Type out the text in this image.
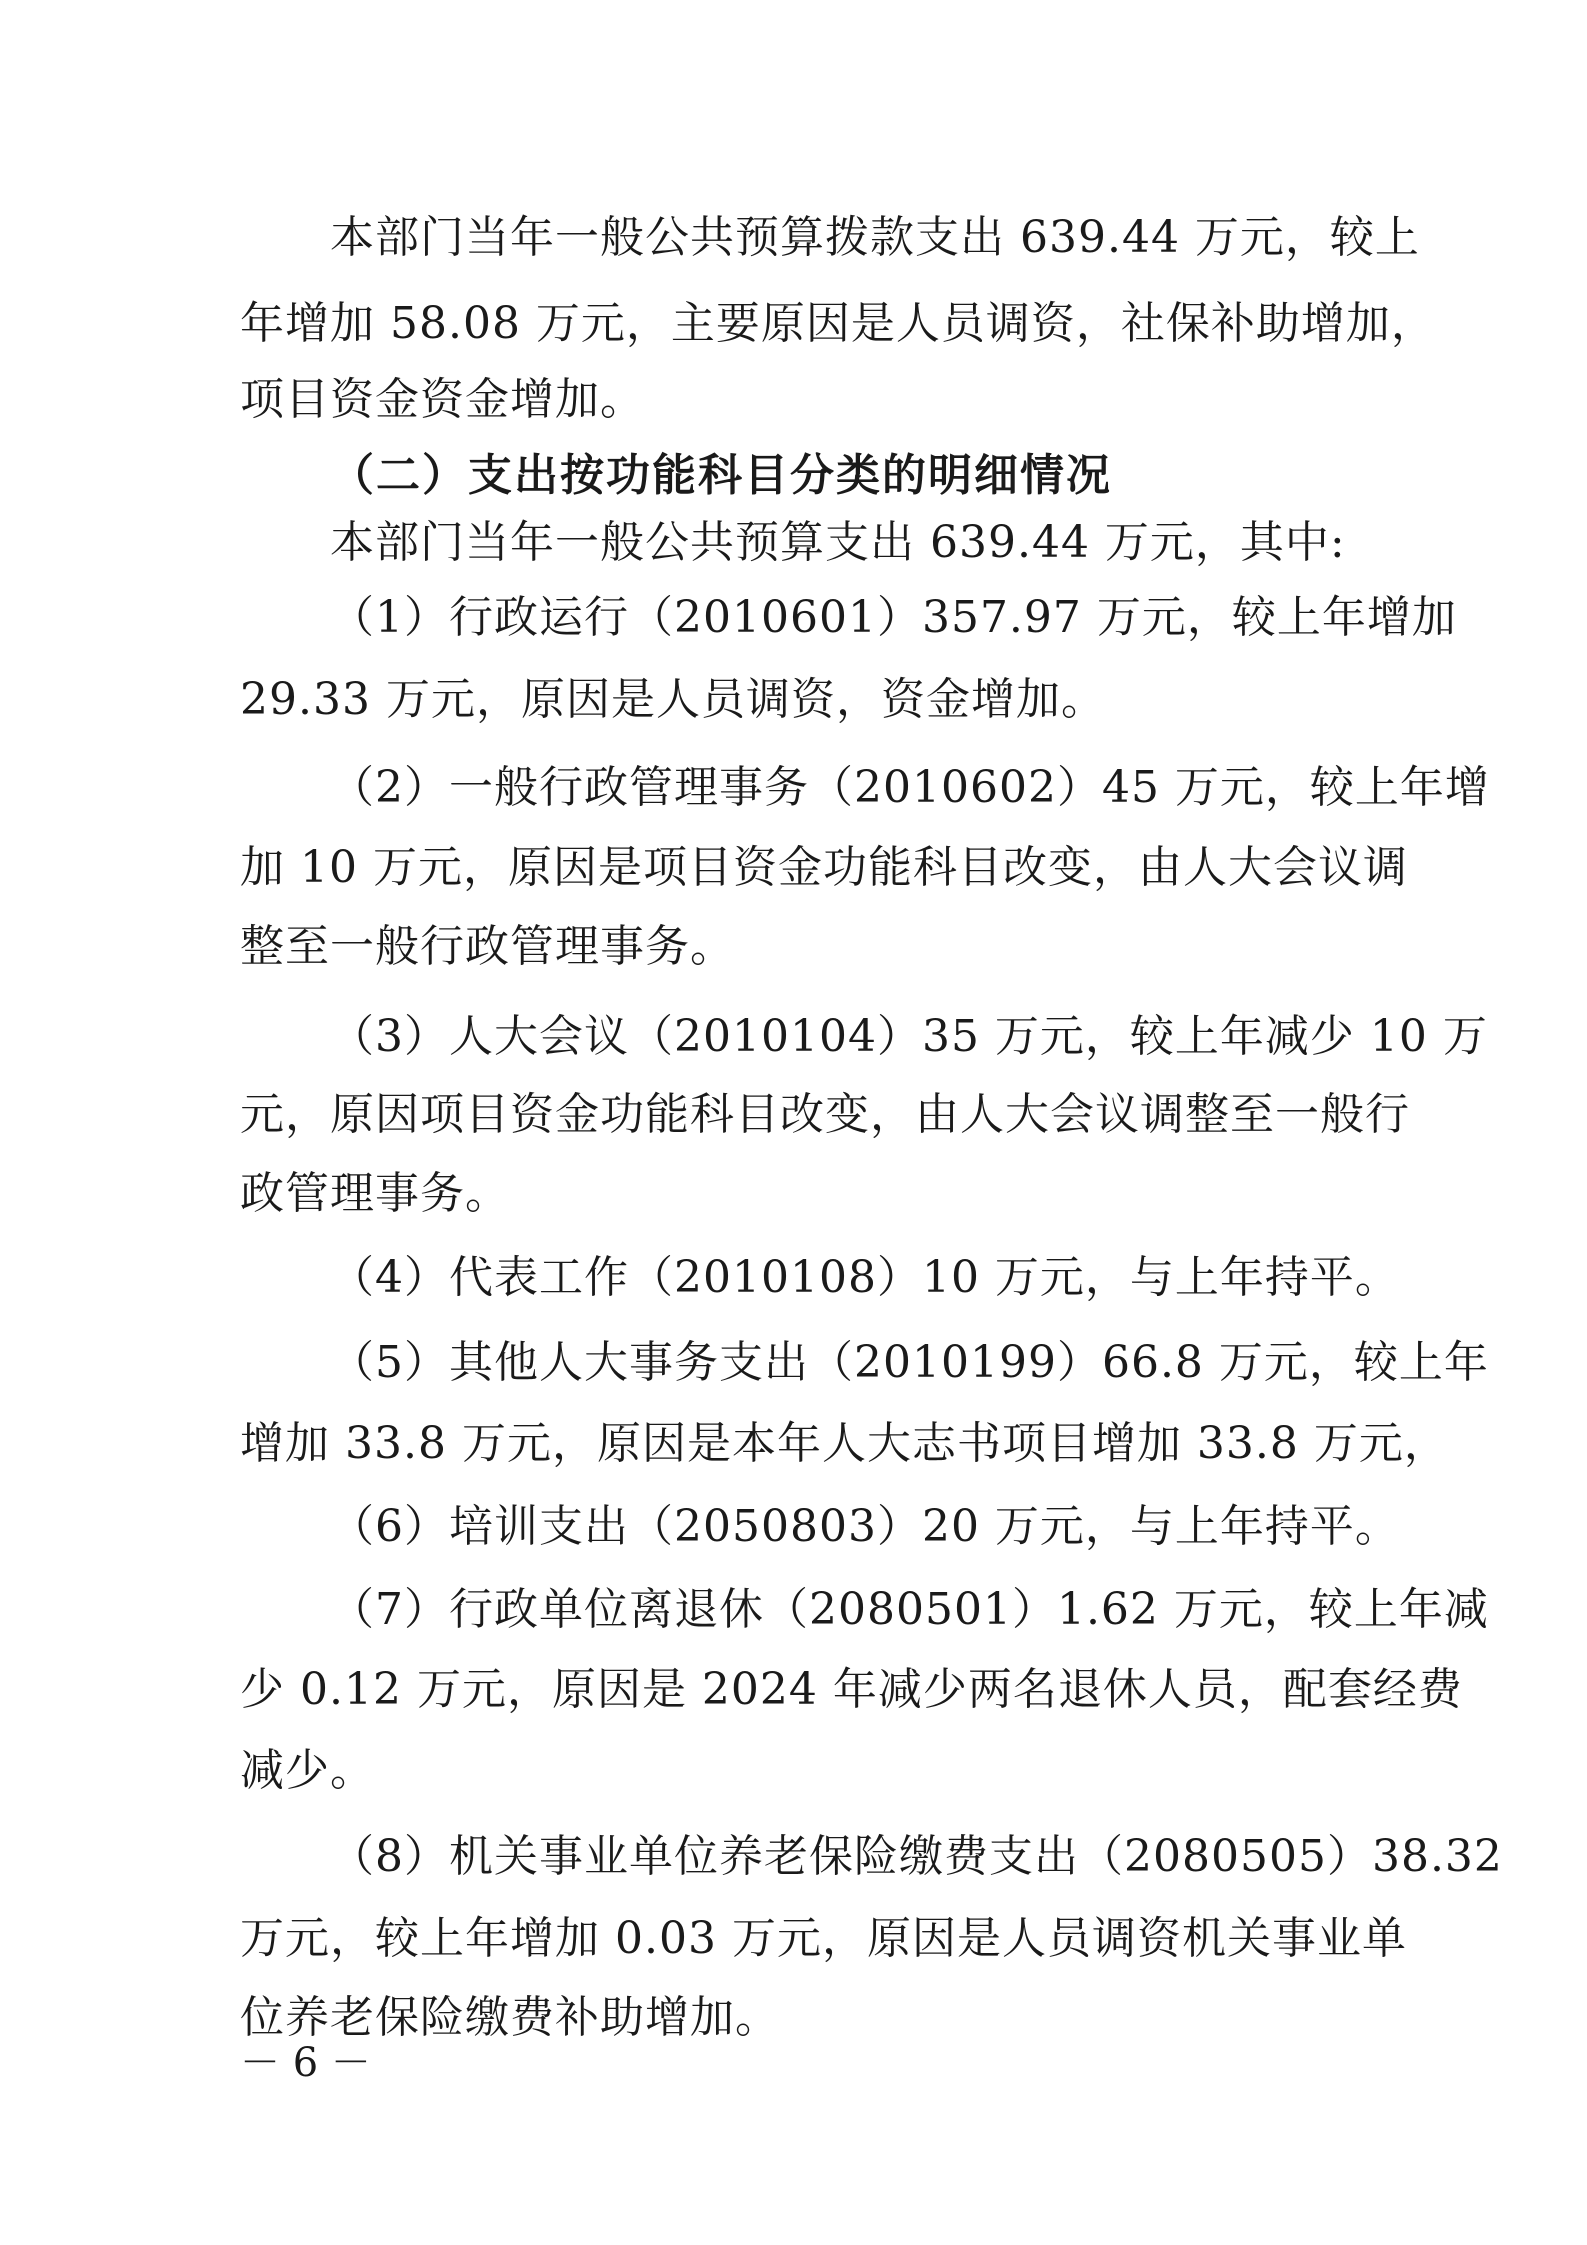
本部门当年一般公共预算拨款支出 639.44 万元，较上
年增加 58.08 万元，主要原因是人员调资，社保补助增加，
项目资金资金增加。
（二）支出按功能科目分类的明细情况
本部门当年一般公共预算支出 639.44 万元，其中:
（1）行政运行（2010601）357.97 万元，较上年增加
29.33 万元，原因是人员调资，资金增加。
（2）一般行政管理事务（2010602）45 万元，较上年增
加 10 万元，原因是项目资金功能科目改变，由人大会议调
整至一般行政管理事务。
（3）人大会议（2010104）35 万元，较上年减少 10 万
元，原因项目资金功能科目改变，由人大会议调整至一般行
政管理事务。
（4）代表工作（2010108）10 万元，与上年持平。
（5）其他人大事务支出（2010199）66.8 万元，较上年
增加 33.8 万元，原因是本年人大志书项目增加 33.8 万元，
（6）培训支出（2050803）20 万元，与上年持平。
（7）行政单位离退休（2080501）1.62 万元，较上年减
少 0.12 万元，原因是 2024 年减少两名退休人员，配套经费
减少。
（8）机关事业单位养老保险缴费支出（2080505）38.32
万元，较上年增加 0.03 万元，原因是人员调资机关事业单
位养老保险缴费补助增加。
－ 6 －
